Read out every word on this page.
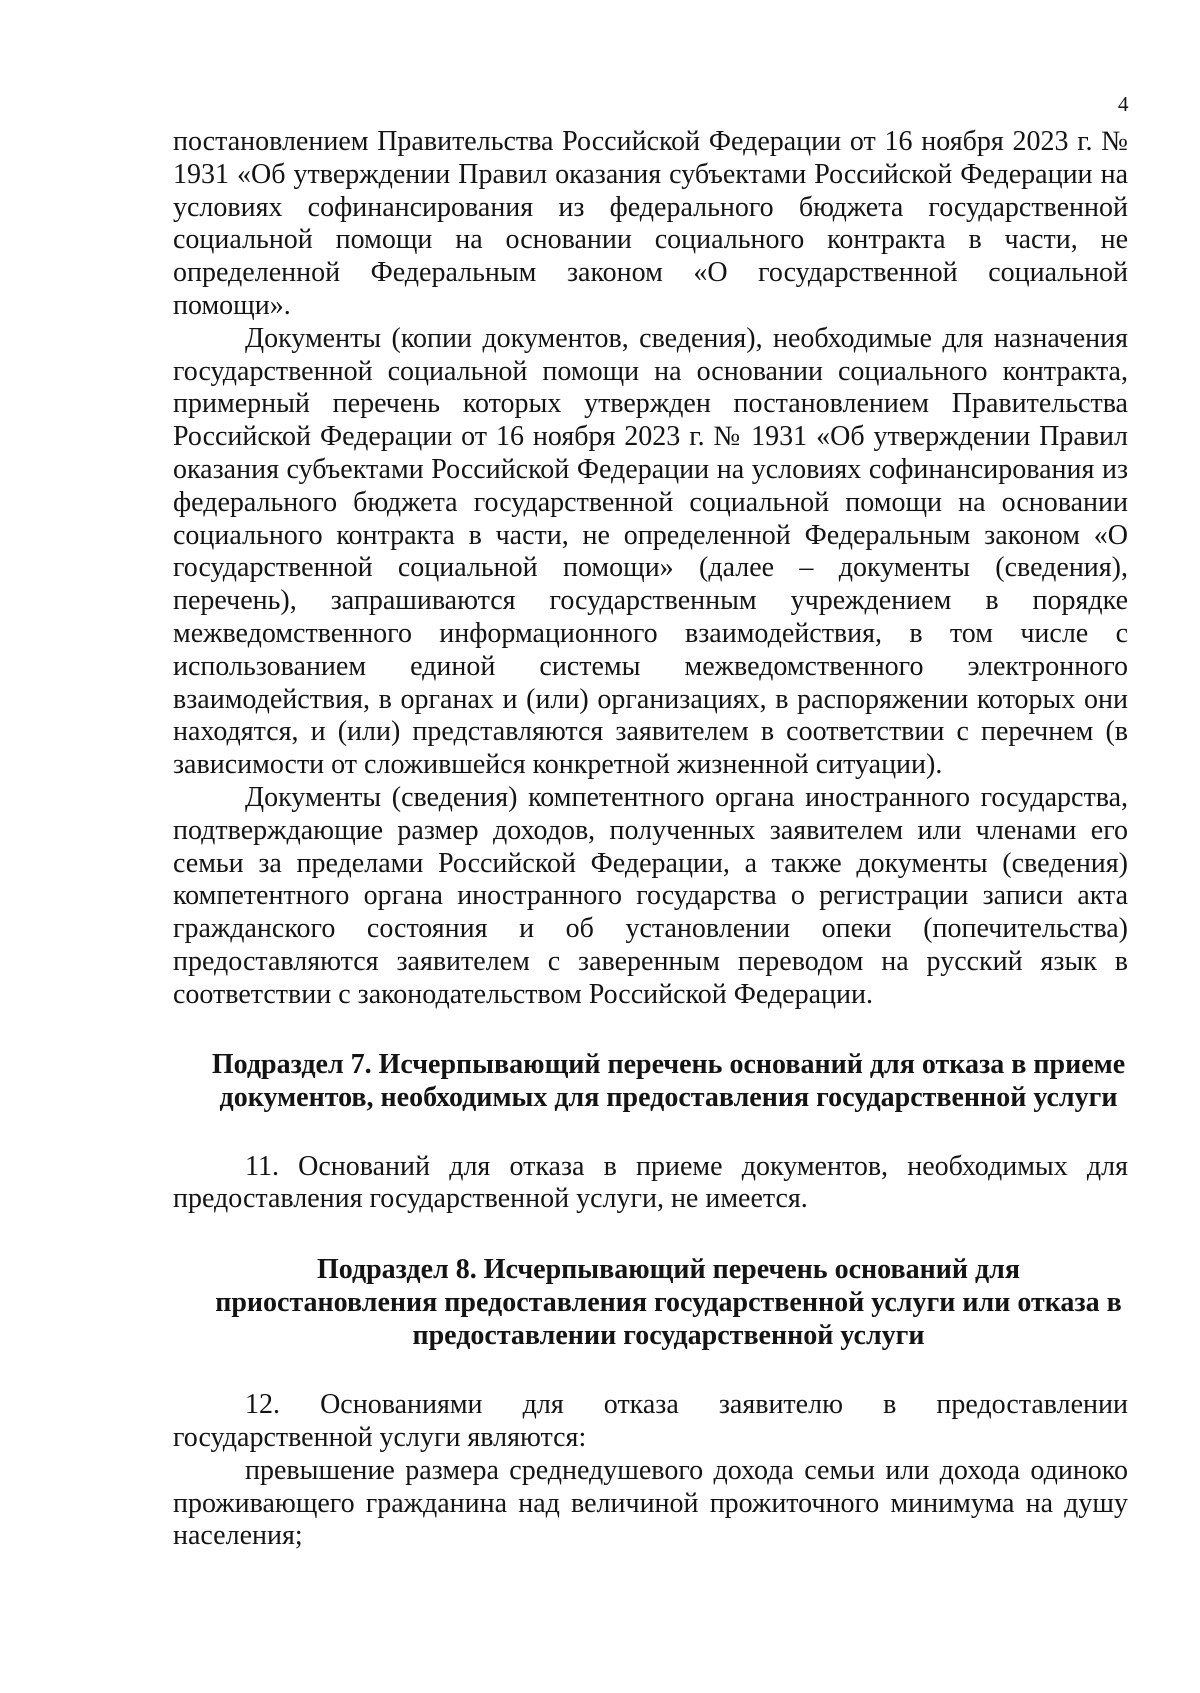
4

постановлением Правительства Российской Федерации от 16 ноября 2023 г. № 1931 «Об утверждении Правил оказания субъектами Российской Федерации на условиях софинансирования из федерального бюджета государственной социальной помощи на основании социального контракта в части, не определенной Федеральным законом «О государственной социальной помощи».

Документы (копии документов, сведения), необходимые для назначения государственной социальной помощи на основании социального контракта, примерный перечень которых утвержден постановлением Правительства Российской Федерации от 16 ноября 2023 г. № 1931 «Об утверждении Правил оказания субъектами Российской Федерации на условиях софинансирования из федерального бюджета государственной социальной помощи на основании социального контракта в части, не определенной Федеральным законом «О государственной социальной помощи» (далее – документы (сведения), перечень), запрашиваются государственным учреждением в порядке межведомственного информационного взаимодействия, в том числе с использованием единой системы межведомственного электронного взаимодействия, в органах и (или) организациях, в распоряжении которых они находятся, и (или) представляются заявителем в соответствии с перечнем (в зависимости от сложившейся конкретной жизненной ситуации).

Документы (сведения) компетентного органа иностранного государства, подтверждающие размер доходов, полученных заявителем или членами его семьи за пределами Российской Федерации, а также документы (сведения) компетентного органа иностранного государства о регистрации записи акта гражданского состояния и об установлении опеки (попечительства) предоставляются заявителем с заверенным переводом на русский язык в соответствии с законодательством Российской Федерации.

Подраздел 7. Исчерпывающий перечень оснований для отказа в приеме документов, необходимых для предоставления государственной услуги

11. Оснований для отказа в приеме документов, необходимых для предоставления государственной услуги, не имеется.

Подраздел 8. Исчерпывающий перечень оснований для приостановления предоставления государственной услуги или отказа в предоставлении государственной услуги

12. Основаниями для отказа заявителю в предоставлении государственной услуги являются:

превышение размера среднедушевого дохода семьи или дохода одиноко проживающего гражданина над величиной прожиточного минимума на душу населения;
